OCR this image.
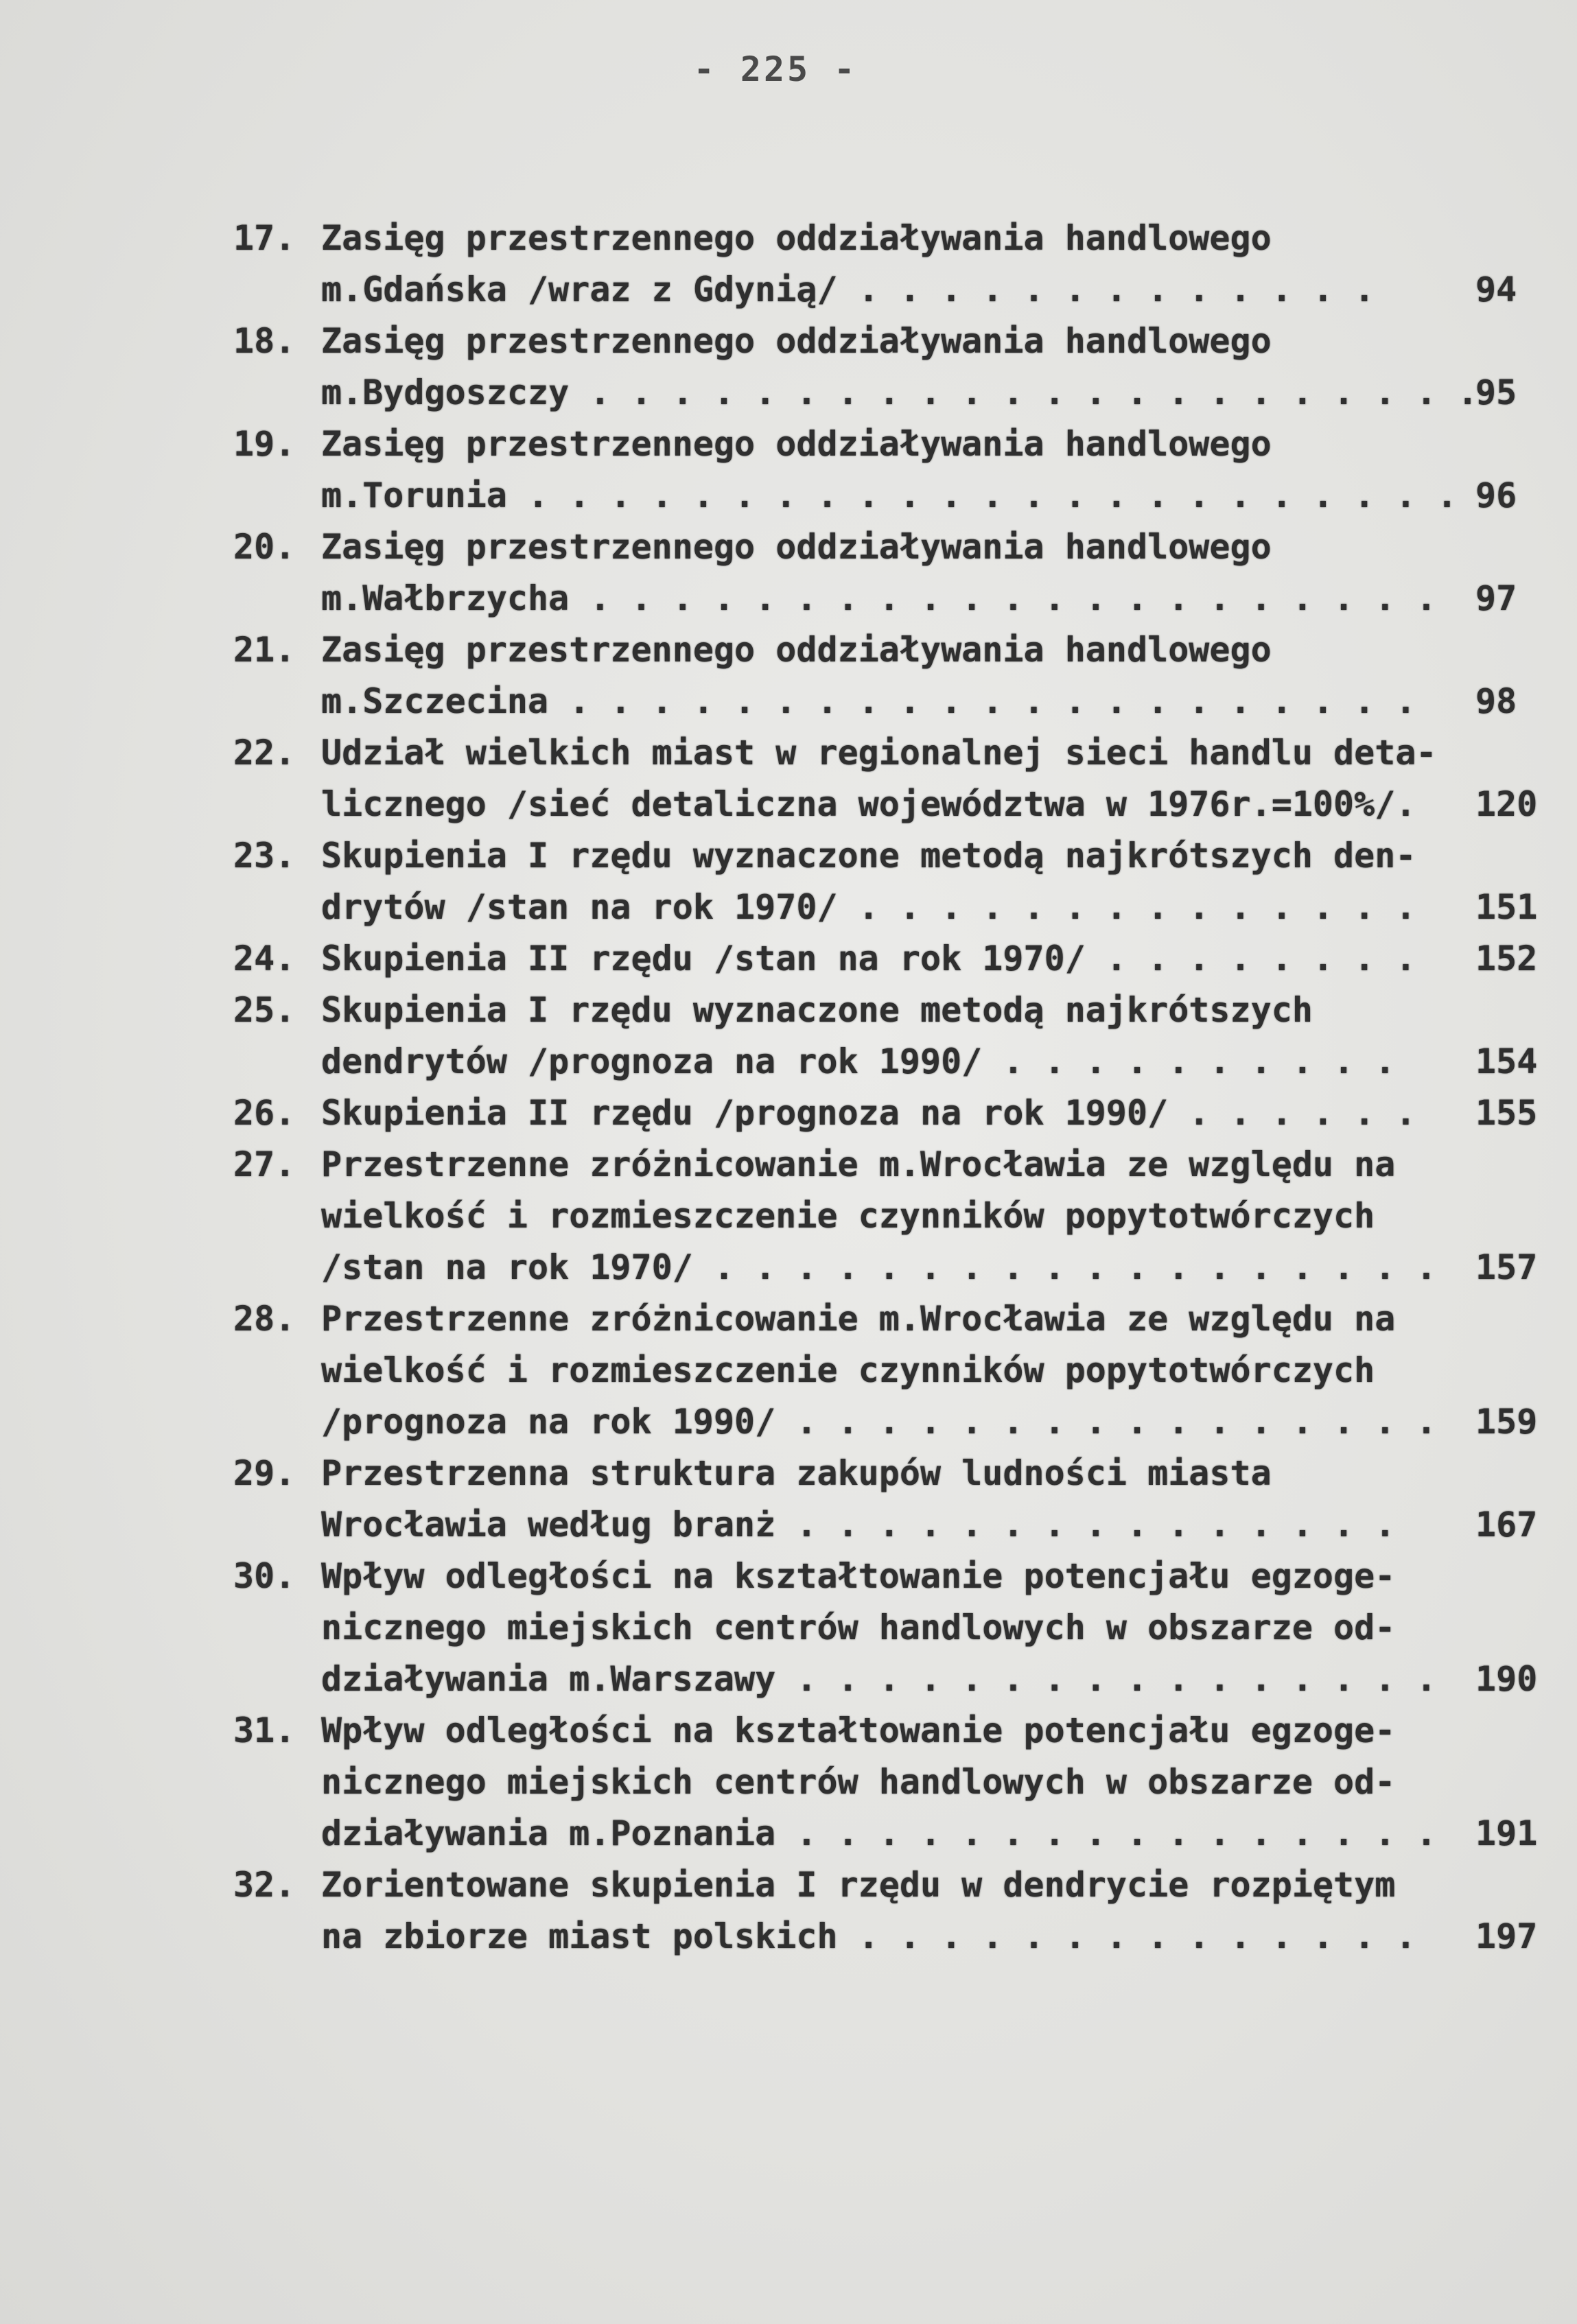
- 225 -
17. Zasięg przestrzennego oddziaływania handlowego
m.Gdańska /wraz z Gdynią/ . . . . . . . . . . . . .	94
18. Zasięg przestrzennego oddziaływania handlowego
m.Bydgoszczy . . . . . . . . . . . . . . . . . . . . . .
95
19. Zasięg przestrzennego oddziaływania handlowego
m.Torunia . . . . . . . . . . . . . . . . . . . . . . . 96
20. Zasięg przestrzennego oddziaływania handlowego
m.Wałbrzycha . . . . . . . . . . . . . . . . . . . . . 97
21. Zasięg przestrzennego oddziaływania handlowego
m.Szczecina . . . . . . . . . . . . . . . . . . . . . 98
22. Udział wielkich miast w regionalnej sieci handlu deta-
licznego /sieć detaliczna województwa w 1976r.=100%/. 120
23. Skupienia I rzędu wyznaczone metodą najkrótszych den-
drytów /stan na rok 1970/ . . . . . . . . . . . . . . 151
24. Skupienia II rzędu /stan na rok 1970/ . . . . . . . . 152
25. Skupienia I rzędu wyznaczone metodą najkrótszych
dendrytów /prognoza na rok 1990/ . . . . . . . . . . 154
26. Skupienia II rzędu /prognoza na rok 1990/ . . . . . . 155
27. Przestrzenne zróżnicowanie m.Wrocławia ze względu na
wielkość i rozmieszczenie czynników popytotwórczych
/stan na rok 1970/ . . . . . . . . . . . . . . . . . . 157
28. Przestrzenne zróżnicowanie m.Wrocławia ze względu na
wielkość i rozmieszczenie czynników popytotwórczych
/prognoza na rok 1990/ . . . . . . . . . . . . . . . . 159
29. Przestrzenna struktura zakupów ludności miasta
Wrocławia według branż . . . . . . . . . . . . . . . 167
30. Wpływ odległości na kształtowanie potencjału egzoge-
nicznego miejskich centrów handlowych w obszarze od-
działywania m.Warszawy . . . . . . . . . . . . . . . . 190
31. Wpływ odległości na kształtowanie potencjału egzoge-
nicznego miejskich centrów handlowych w obszarze od-
działywania m.Poznania . . . . . . . . . . . . . . . . 191
32. Zorientowane skupienia I rzędu w dendrycie rozpiętym
na zbiorze miast polskich . . . . . . . . . . . . . . 197
